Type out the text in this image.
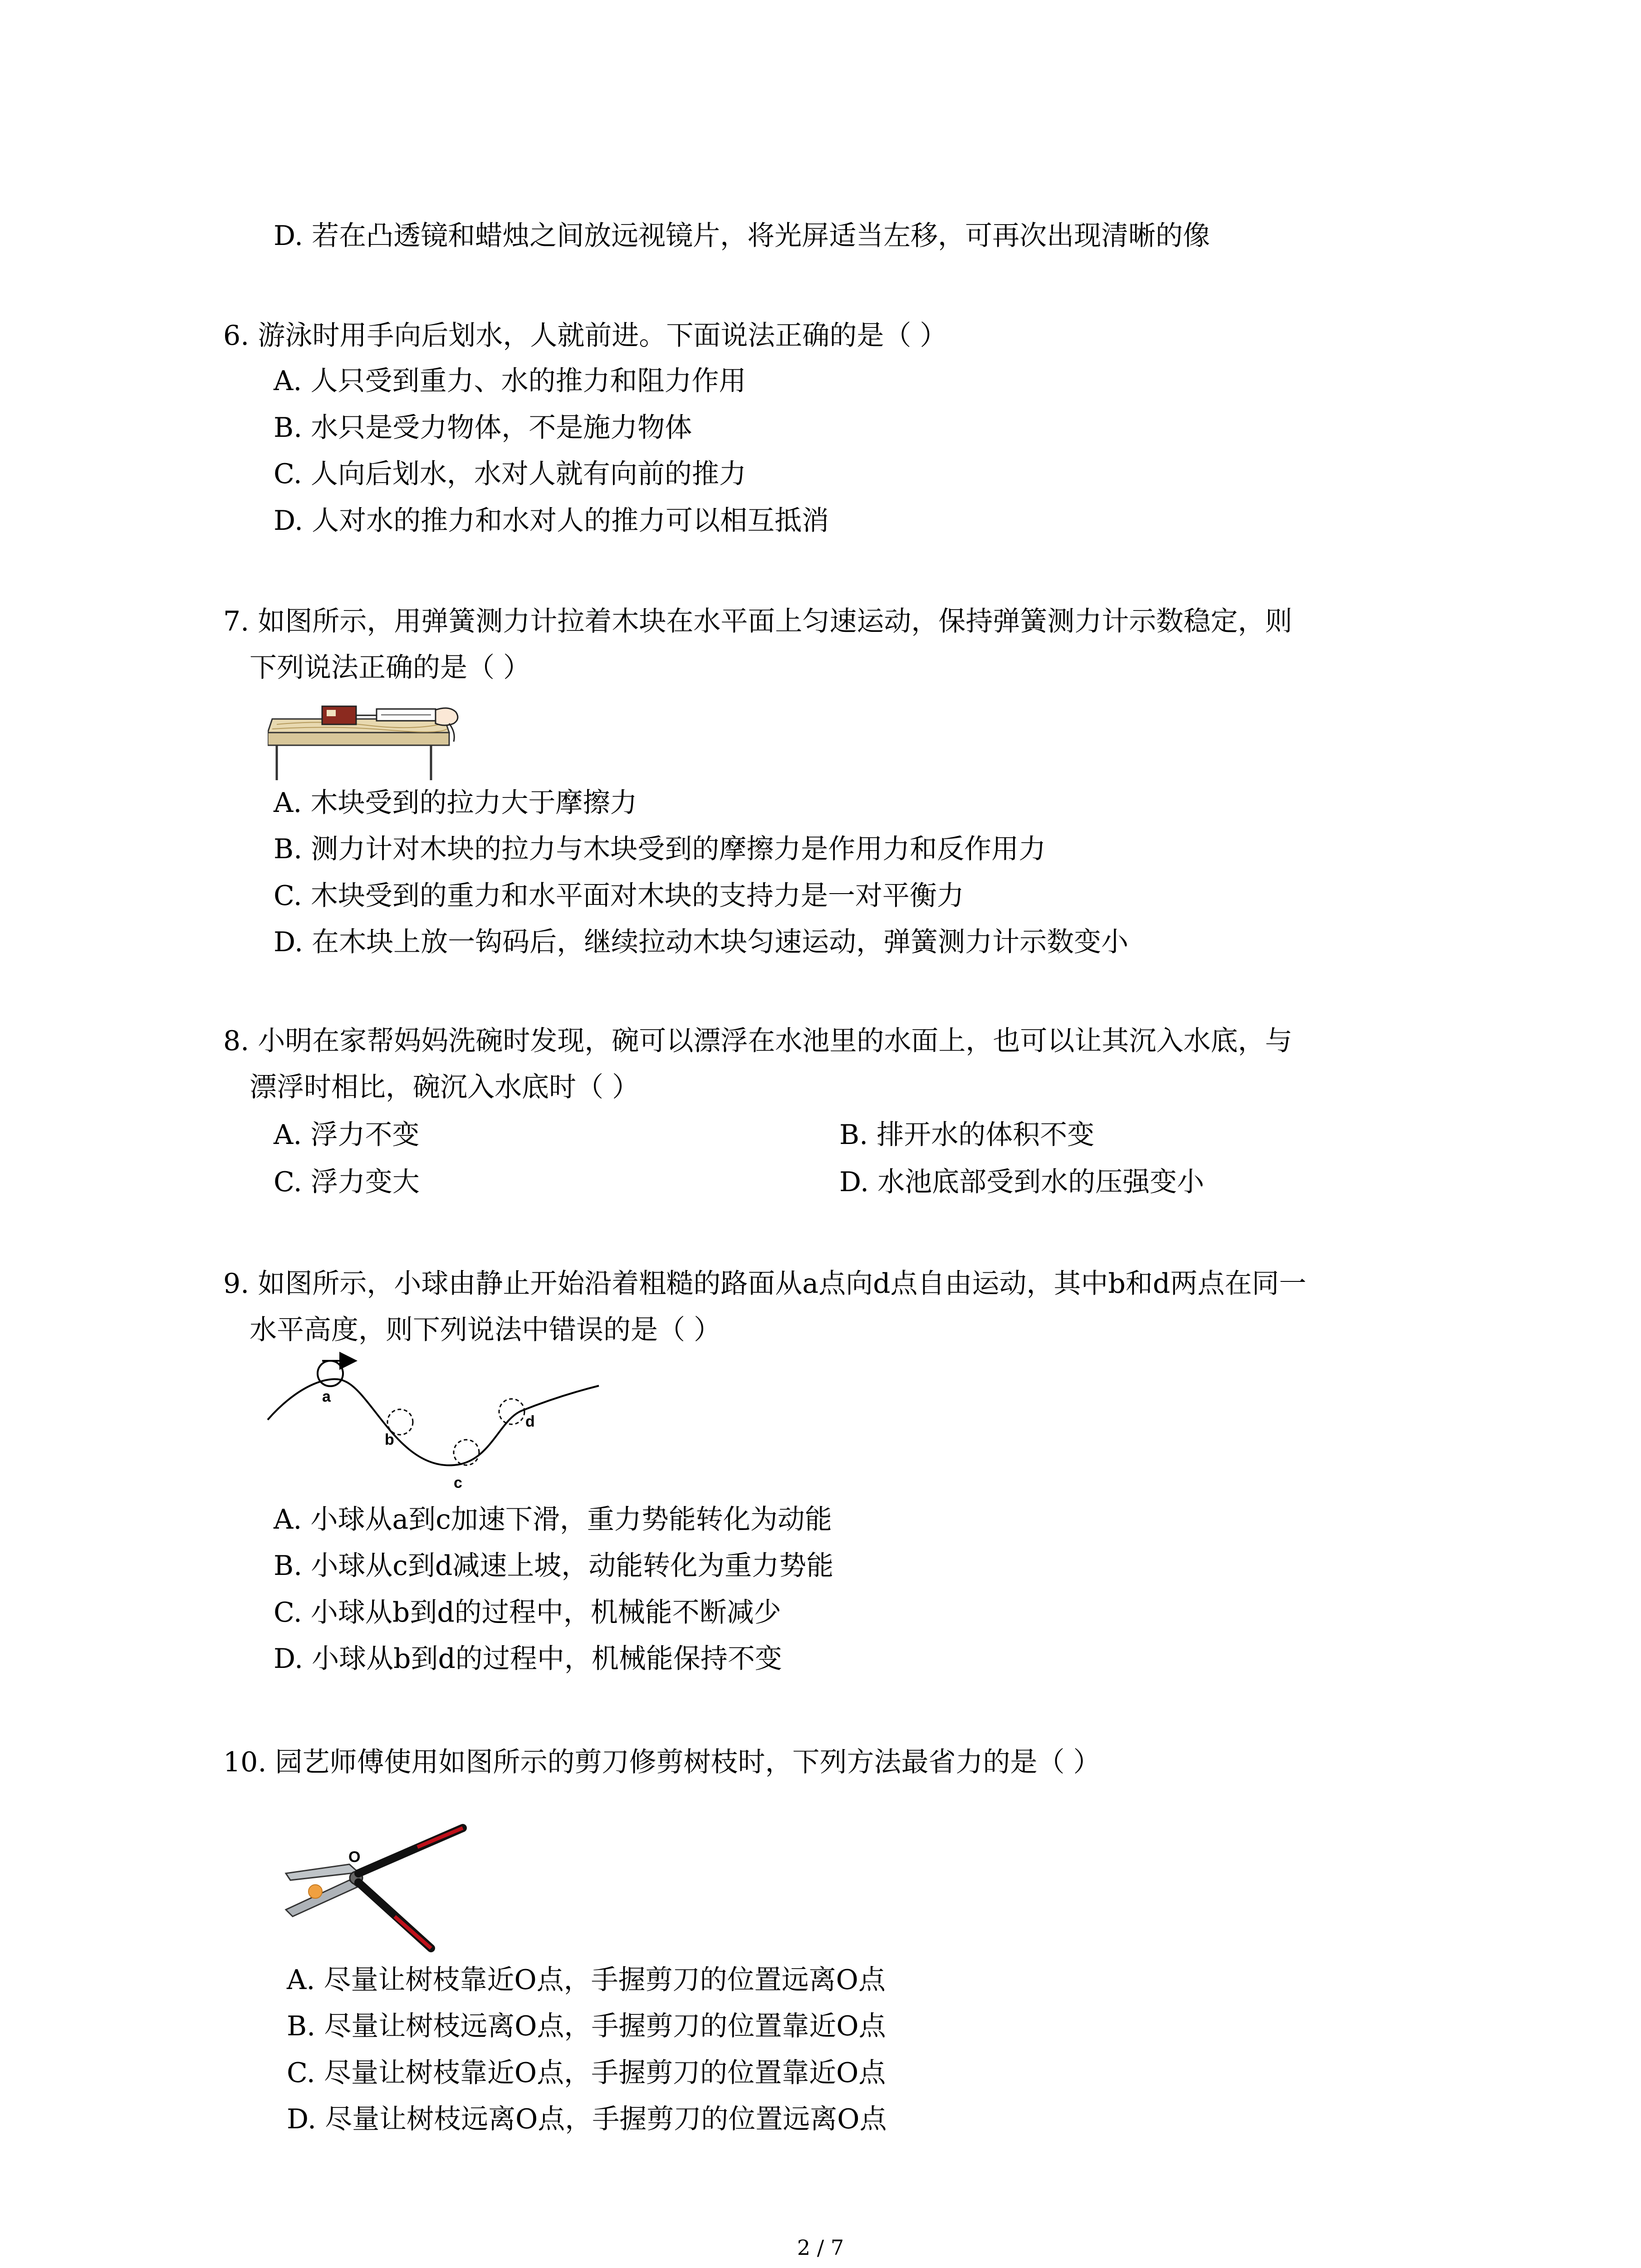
D. 若在凸透镜和蜡烛之间放远视镜片，将光屏适当左移，可再次出现清晰的像
6. 游泳时用手向后划水，人就前进。下面说法正确的是（ ）
A. 人只受到重力、水的推力和阻力作用
B. 水只是受力物体，不是施力物体
C. 人向后划水，水对人就有向前的推力
D. 人对水的推力和水对人的推力可以相互抵消
7. 如图所示，用弹簧测力计拉着木块在水平面上匀速运动，保持弹簧测力计示数稳定，则
下列说法正确的是（ ）
A. 木块受到的拉力大于摩擦力
B. 测力计对木块的拉力与木块受到的摩擦力是作用力和反作用力
C. 木块受到的重力和水平面对木块的支持力是一对平衡力
D. 在木块上放一钩码后，继续拉动木块匀速运动，弹簧测力计示数变小
8. 小明在家帮妈妈洗碗时发现，碗可以漂浮在水池里的水面上，也可以让其沉入水底，与
漂浮时相比，碗沉入水底时（ ）
A. 浮力不变	B. 排开水的体积不变
C. 浮力变大	D. 水池底部受到水的压强变小
9. 如图所示，小球由静止开始沿着粗糙的路面从a点向d点自由运动，其中b和d两点在同一
水平高度，则下列说法中错误的是（ ）
a
b
c
d
A. 小球从a到c加速下滑，重力势能转化为动能
B. 小球从c到d减速上坡，动能转化为重力势能
C. 小球从b到d的过程中，机械能不断减少
D. 小球从b到d的过程中，机械能保持不变
10. 园艺师傅使用如图所示的剪刀修剪树枝时，下列方法最省力的是（ ）
O
A. 尽量让树枝靠近O点，手握剪刀的位置远离O点
B. 尽量让树枝远离O点，手握剪刀的位置靠近O点
C. 尽量让树枝靠近O点，手握剪刀的位置靠近O点
D. 尽量让树枝远离O点，手握剪刀的位置远离O点
2 / 7
